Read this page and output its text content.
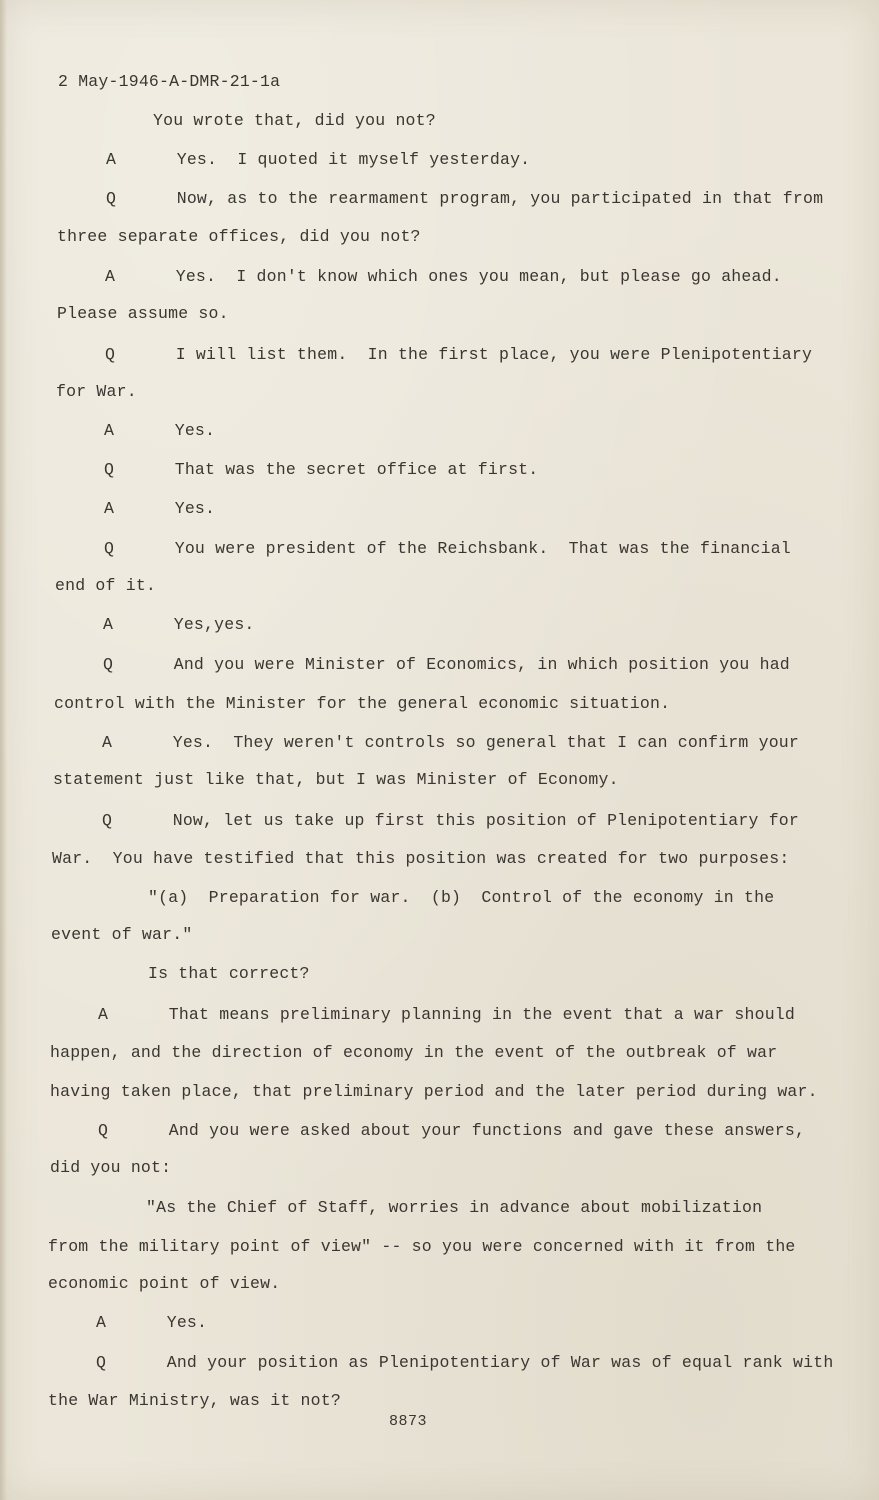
2 May-1946-A-DMR-21-1a
You wrote that, did you not?
A      Yes.  I quoted it myself yesterday.
Q      Now, as to the rearmament program, you participated in that from
three separate offices, did you not?
A      Yes.  I don't know which ones you mean, but please go ahead.
Please assume so.
Q      I will list them.  In the first place, you were Plenipotentiary
for War.
A      Yes.
Q      That was the secret office at first.
A      Yes.
Q      You were president of the Reichsbank.  That was the financial
end of it.
A      Yes,yes.
Q      And you were Minister of Economics, in which position you had
control with the Minister for the general economic situation.
A      Yes.  They weren't controls so general that I can confirm your
statement just like that, but I was Minister of Economy.
Q      Now, let us take up first this position of Plenipotentiary for
War.  You have testified that this position was created for two purposes:
"(a)  Preparation for war.  (b)  Control of the economy in the
event of war."
Is that correct?
A      That means preliminary planning in the event that a war should
happen, and the direction of economy in the event of the outbreak of war
having taken place, that preliminary period and the later period during war.
Q      And you were asked about your functions and gave these answers,
did you not:
"As the Chief of Staff, worries in advance about mobilization
from the military point of view" -- so you were concerned with it from the
economic point of view.
A      Yes.
Q      And your position as Plenipotentiary of War was of equal rank with
the War Ministry, was it not?
8873
